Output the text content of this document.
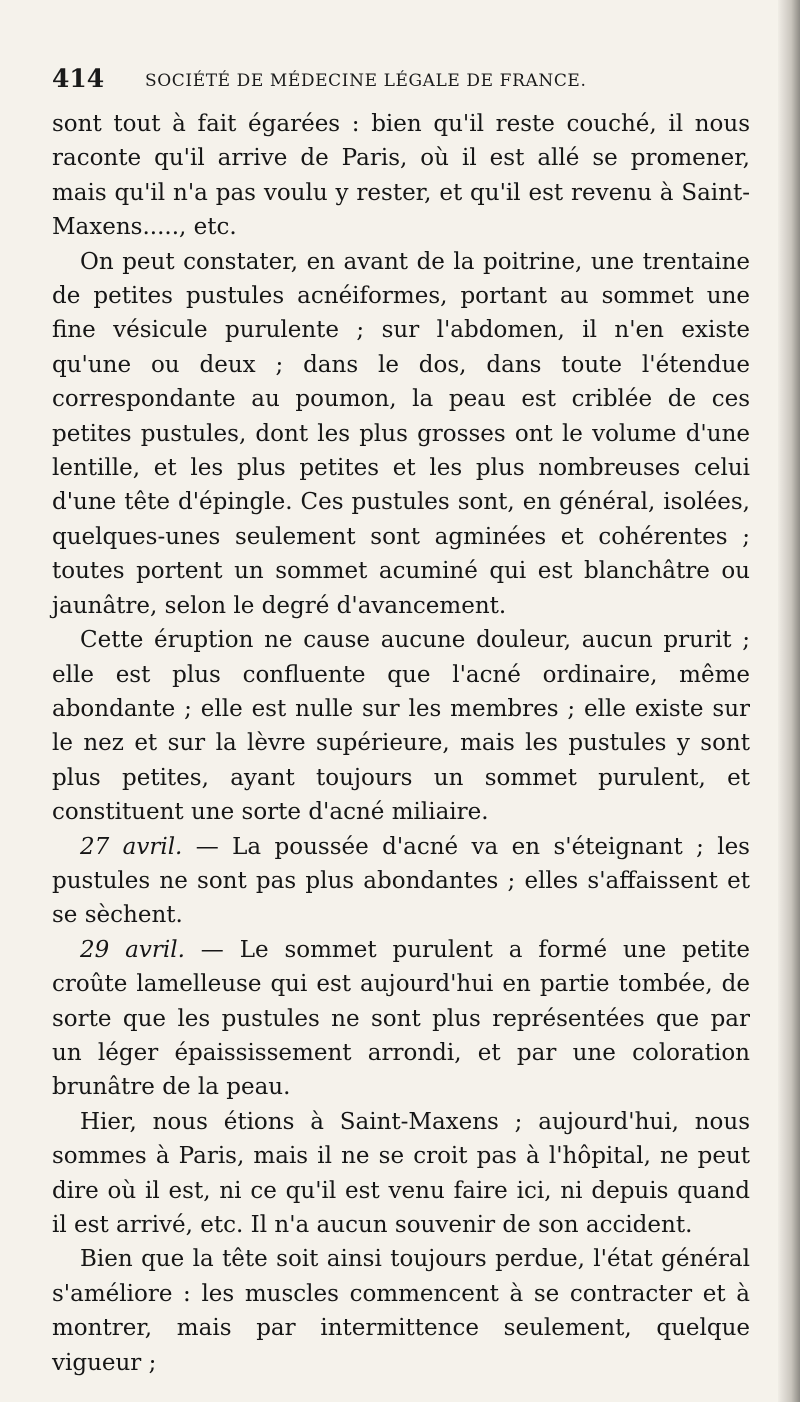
414 SOCIÉTÉ DE MÉDECINE LÉGALE DE FRANCE.

sont tout à fait égarées : bien qu'il reste couché, il nous raconte qu'il arrive de Paris, où il est allé se promener, mais qu'il n'a pas voulu y rester, et qu'il est revenu à Saint-Maxens....., etc.

On peut constater, en avant de la poitrine, une trentaine de petites pustules acnéiformes, portant au sommet une fine vésicule purulente ; sur l'abdomen, il n'en existe qu'une ou deux ; dans le dos, dans toute l'étendue correspondante au poumon, la peau est criblée de ces petites pustules, dont les plus grosses ont le volume d'une lentille, et les plus petites et les plus nombreuses celui d'une tête d'épingle. Ces pustules sont, en général, isolées, quelques-unes seulement sont agminées et cohérentes ; toutes portent un sommet acuminé qui est blanchâtre ou jaunâtre, selon le degré d'avancement.

Cette éruption ne cause aucune douleur, aucun prurit ; elle est plus confluente que l'acné ordinaire, même abondante ; elle est nulle sur les membres ; elle existe sur le nez et sur la lèvre supérieure, mais les pustules y sont plus petites, ayant toujours un sommet purulent, et constituent une sorte d'acné miliaire.

27 avril. — La poussée d'acné va en s'éteignant ; les pustules ne sont pas plus abondantes ; elles s'affaissent et se sèchent.

29 avril. — Le sommet purulent a formé une petite croûte lamelleuse qui est aujourd'hui en partie tombée, de sorte que les pustules ne sont plus représentées que par un léger épaississement arrondi, et par une coloration brunâtre de la peau.

Hier, nous étions à Saint-Maxens ; aujourd'hui, nous sommes à Paris, mais il ne se croit pas à l'hôpital, ne peut dire où il est, ni ce qu'il est venu faire ici, ni depuis quand il est arrivé, etc. Il n'a aucun souvenir de son accident.

Bien que la tête soit ainsi toujours perdue, l'état général s'améliore : les muscles commencent à se contracter et à montrer, mais par intermittence seulement, quelque vigueur ;
